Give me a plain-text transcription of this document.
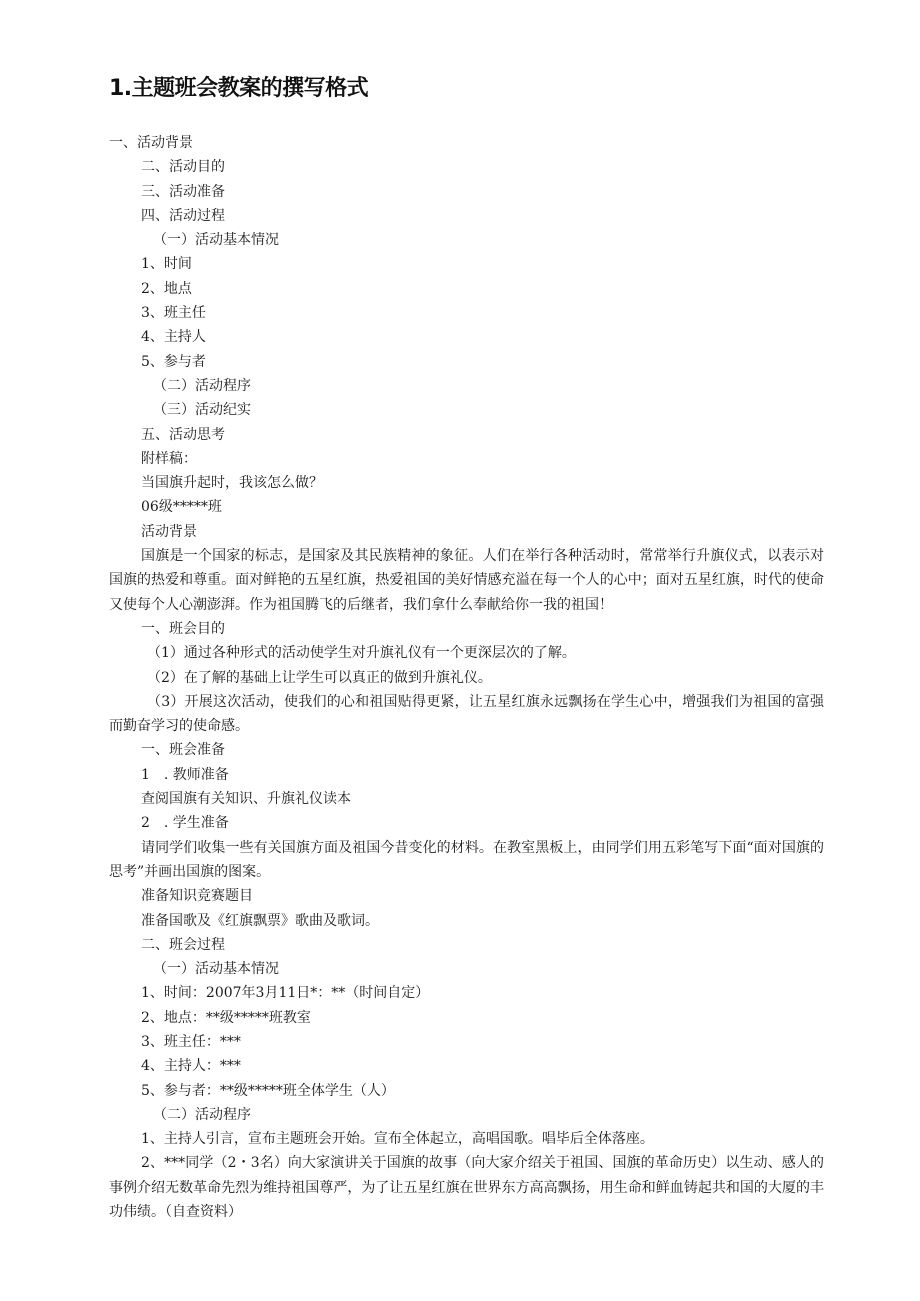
1.主题班会教案的撰写格式

一、活动背景

二、活动目的

三、活动准备

四、活动过程

（一）活动基本情况

1、时间

2、地点

3、班主任

4、主持人

5、参与者

（二）活动程序

（三）活动纪实

五、活动思考

附样稿：

当国旗升起时，我该怎么做？

06级*****班

活动背景

国旗是一个国家的标志，是国家及其民族精神的象征。人们在举行各种活动时，常常举行升旗仪式，以表示对国旗的热爱和尊重。面对鲜艳的五星红旗，热爱祖国的美好情感充溢在每一个人的心中；面对五星红旗，时代的使命又使每个人心潮澎湃。作为祖国腾飞的后继者，我们拿什么奉献给你一我的祖国！

一、班会目的

（1）通过各种形式的活动使学生对升旗礼仪有一个更深层次的了解。

（2）在了解的基础上让学生可以真正的做到升旗礼仪。

（3）开展这次活动，使我们的心和祖国贴得更紧，让五星红旗永远飘扬在学生心中，增强我们为祖国的富强而勤奋学习的使命感。

一、班会准备

1　. 教师准备

查阅国旗有关知识、升旗礼仪读本

2　. 学生准备

请同学们收集一些有关国旗方面及祖国今昔变化的材料。在教室黑板上，由同学们用五彩笔写下面“面对国旗的思考”并画出国旗的图案。

准备知识竞赛题目

准备国歌及《红旗飘票》歌曲及歌词。

二、班会过程

（一）活动基本情况

1、时间：2007年3月11日*：**（时间自定）

2、地点：**级*****班教室

3、班主任：***

4、主持人：***

5、参与者：**级*****班全体学生（人）

（二）活动程序

1、主持人引言，宣布主题班会开始。宣布全体起立，高唱国歌。唱毕后全体落座。

2、***同学（2・3名）向大家演讲关于国旗的故事（向大家介绍关于祖国、国旗的革命历史）以生动、感人的事例介绍无数革命先烈为维持祖国尊严，为了让五星红旗在世界东方高高飘扬，用生命和鲜血铸起共和国的大厦的丰功伟绩。（自查资料）
